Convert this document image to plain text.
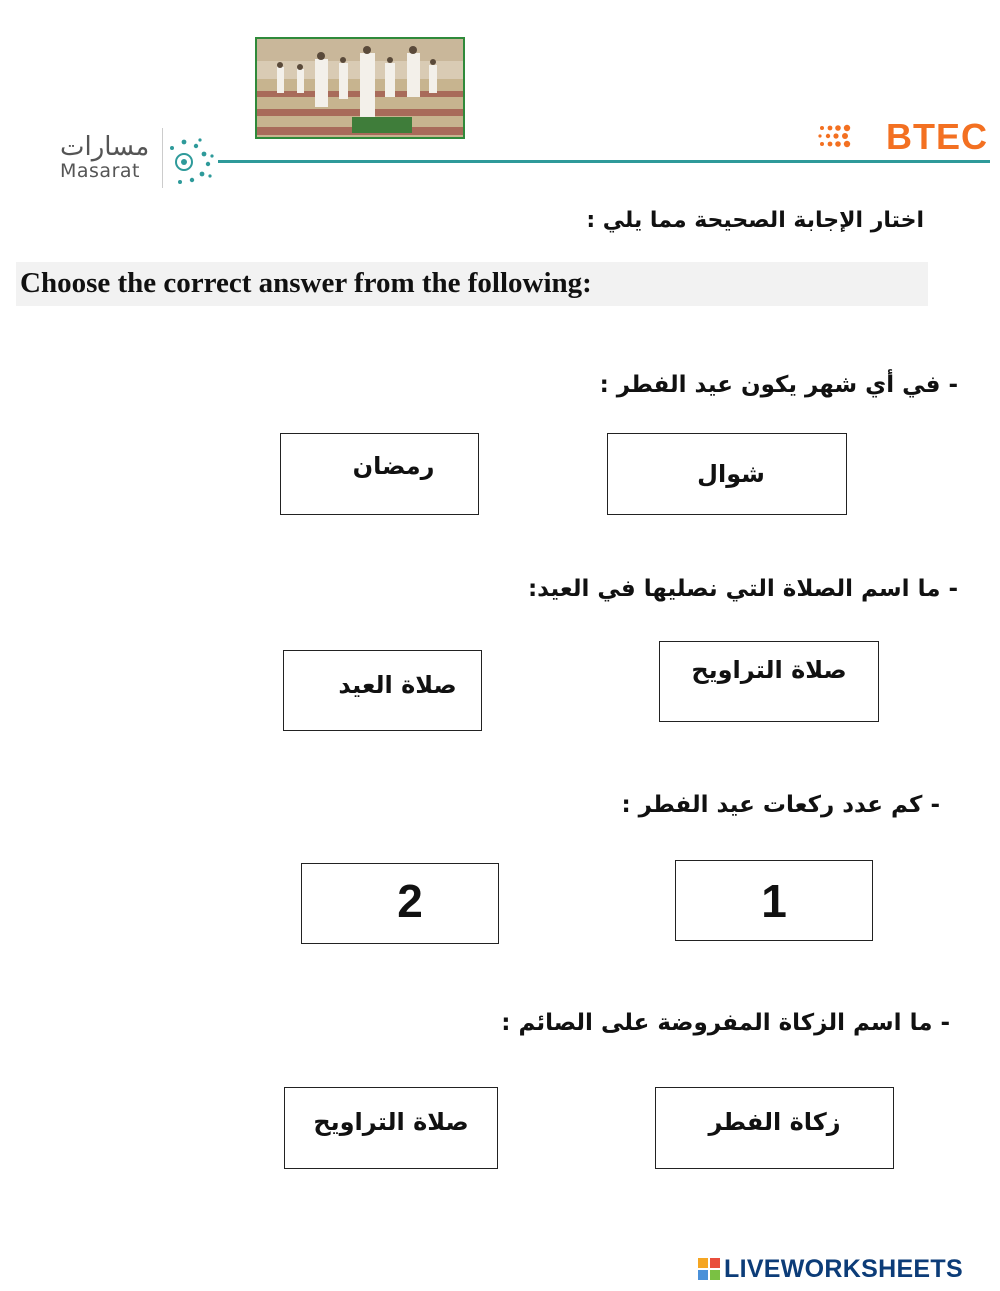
مسارات
Masarat
BTEC
اختار الإجابة الصحيحة مما يلي :
Choose the correct answer from the following:
- في أي شهر يكون عيد الفطر :
رمضان	شوال
- ما اسم الصلاة التي نصليها في العيد:
صلاة العيد
صلاة التراويح
- كم عدد ركعات عيد الفطر :
2	1
- ما اسم الزكاة المفروضة على الصائم :
صلاة التراويح	زكاة الفطر
LIVEWORKSHEETS
